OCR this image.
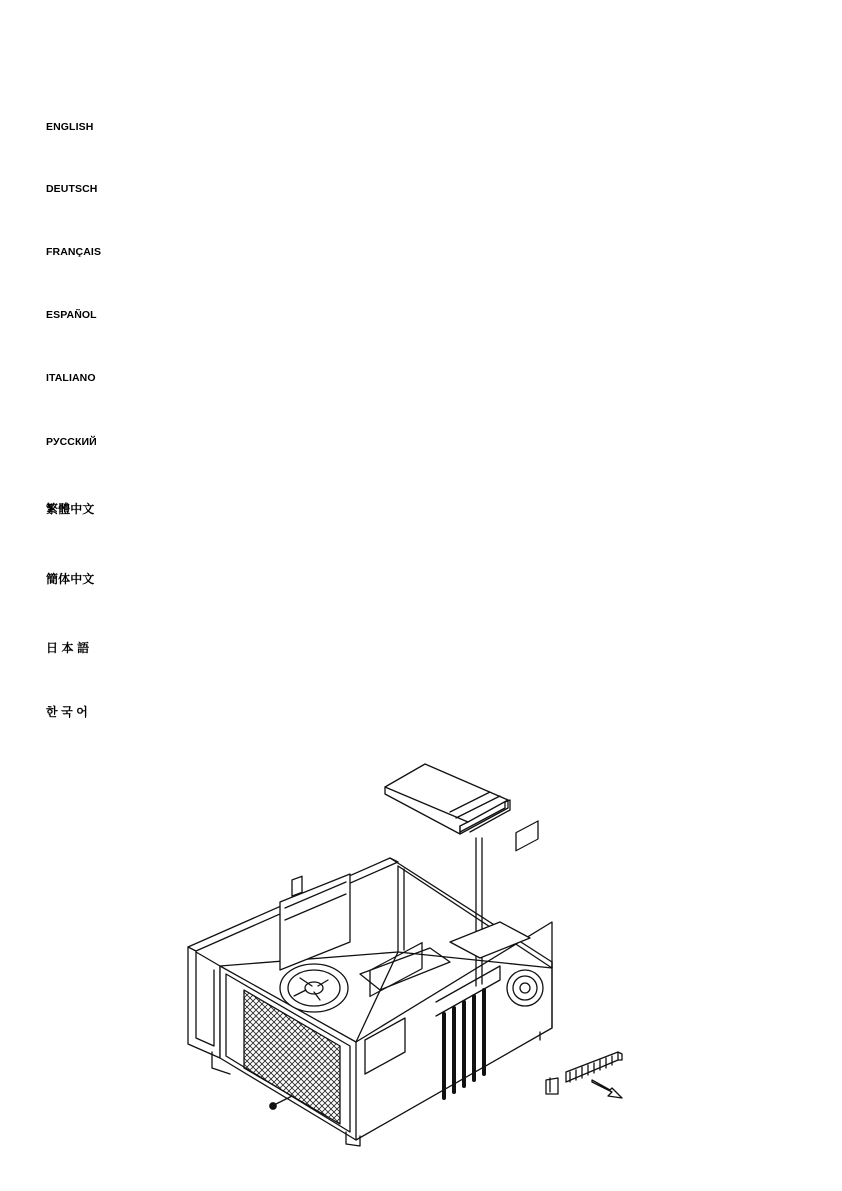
ENGLISH
DEUTSCH
FRANÇAIS
ESPAÑOL
ITALIANO
РУССКИЙ
繁體中文
簡体中文
日 本 語
한 국 어
